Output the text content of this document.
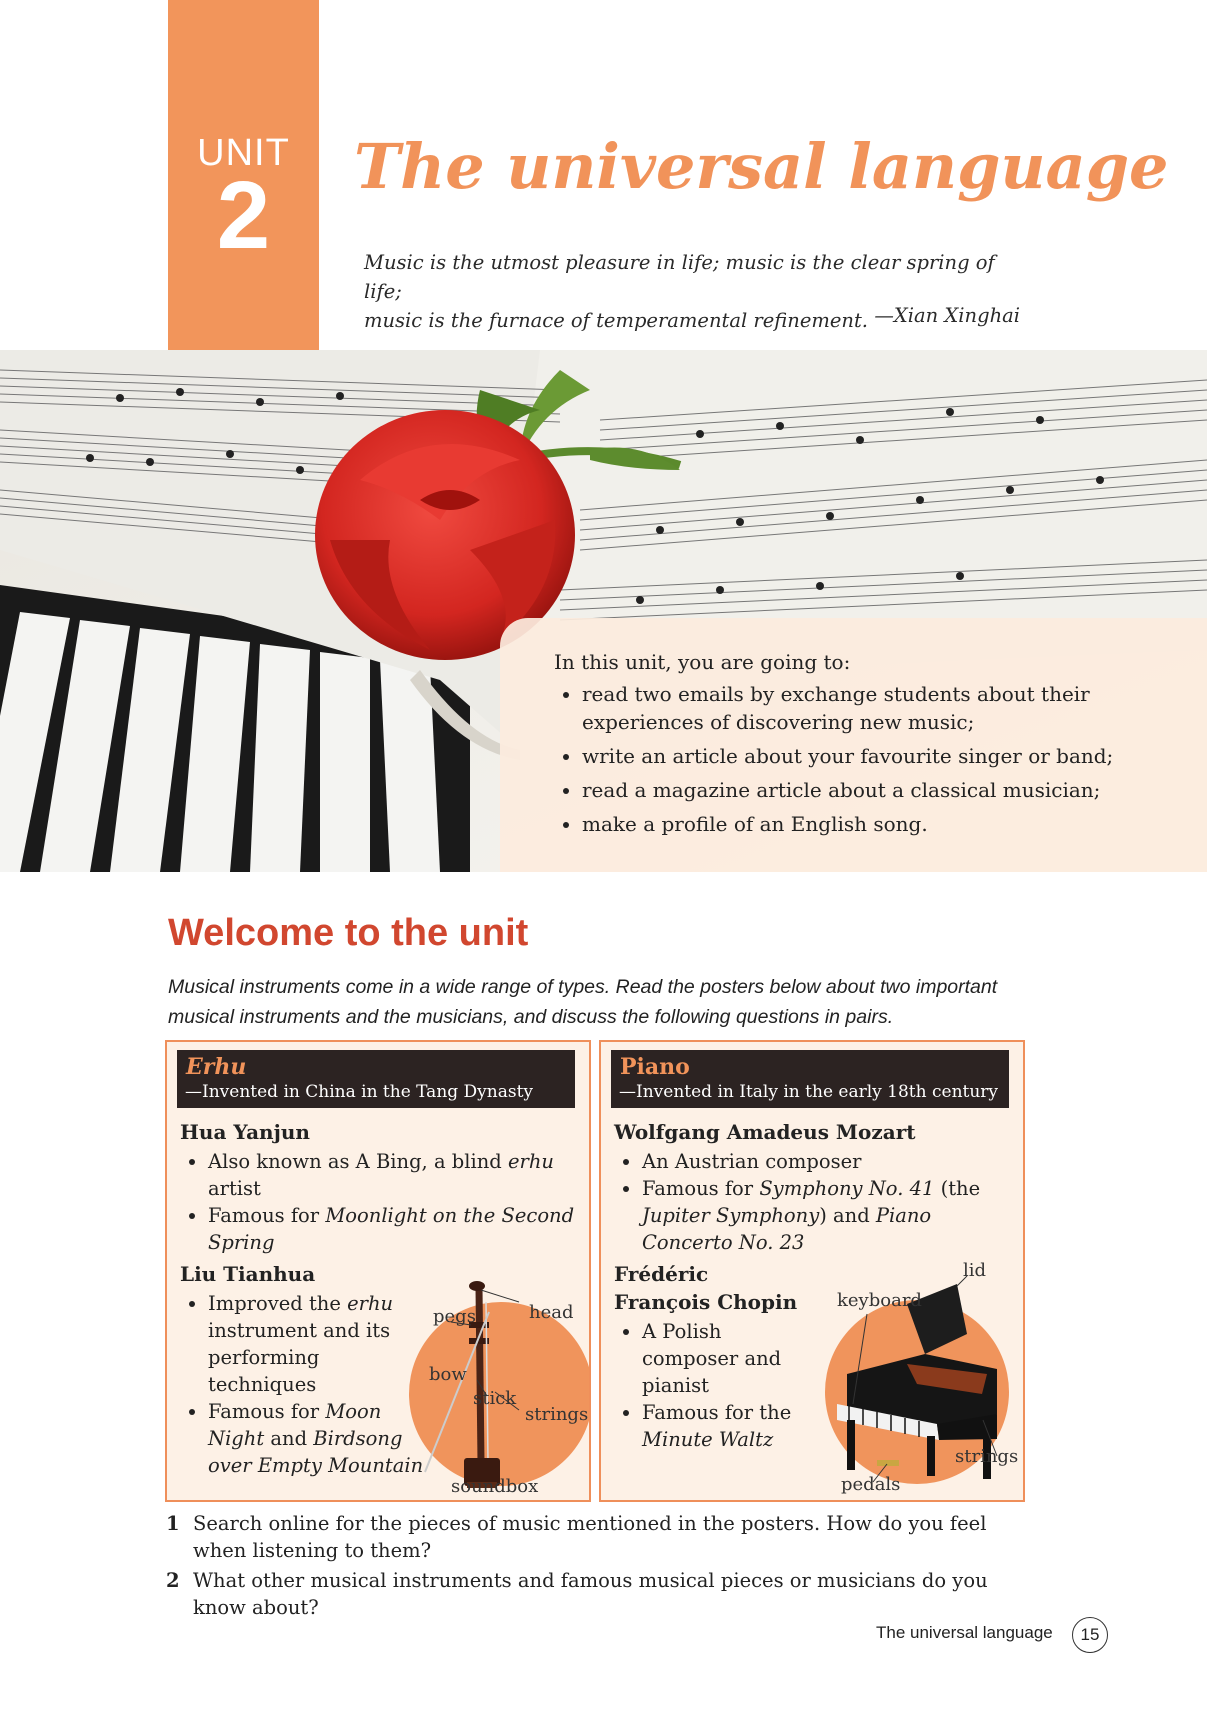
UNIT
2	The universal language
Music is the utmost pleasure in life; music is the clear spring of life;
music is the furnace of temperamental refinement. —Xian Xinghai
In this unit, you are going to:
• read two emails by exchange students about their experiences of discovering new music;
• write an article about your favourite singer or band;
• read a magazine article about a classical musician;
• make a profile of an English song.
Welcome to the unit
Musical instruments come in a wide range of types. Read the posters below about two important musical instruments and the musicians, and discuss the following questions in pairs.
Erhu
—Invented in China in the Tang Dynasty
Hua Yanjun
• Also known as A Bing, a blind erhu artist
• Famous for Moonlight on the Second Spring
Liu Tianhua
• Improved the erhu instrument and its performing techniques
• Famous for Moon Night and Birdsong over Empty Mountain
pegs	head
bow
stick
strings
soundbox
Piano
—Invented in Italy in the early 18th century
Wolfgang Amadeus Mozart
• An Austrian composer
• Famous for Symphony No. 41 (the Jupiter Symphony) and Piano Concerto No. 23
Frédéric François Chopin
• A Polish composer and pianist
• Famous for the Minute Waltz
lid
keyboard
strings
pedals
1 Search online for the pieces of music mentioned in the posters. How do you feel when listening to them?
2 What other musical instruments and famous musical pieces or musicians do you know about?
The universal language	15
